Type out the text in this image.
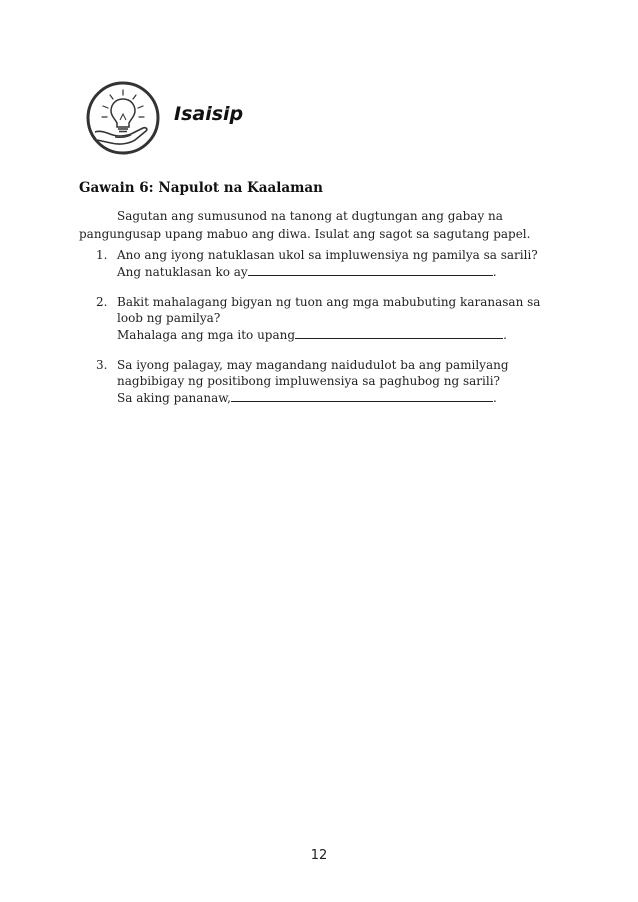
Isaisip
Gawain 6: Napulot na Kaalaman
Sagutan ang sumusunod na tanong at dugtungan ang gabay na pangungusap upang mabuo ang diwa. Isulat ang sagot sa sagutang papel.
1. Ano ang iyong natuklasan ukol sa impluwensiya ng pamilya sa sarili?
Ang natuklasan ko ay	.
2. Bakit mahalagang bigyan ng tuon ang mga mabubuting karanasan sa loob ng pamilya?
Mahalaga ang mga ito upang	.
3. Sa iyong palagay, may magandang naidudulot ba ang pamilyang nagbibigay ng positibong impluwensiya sa paghubog ng sarili?
Sa aking pananaw,	.
12
